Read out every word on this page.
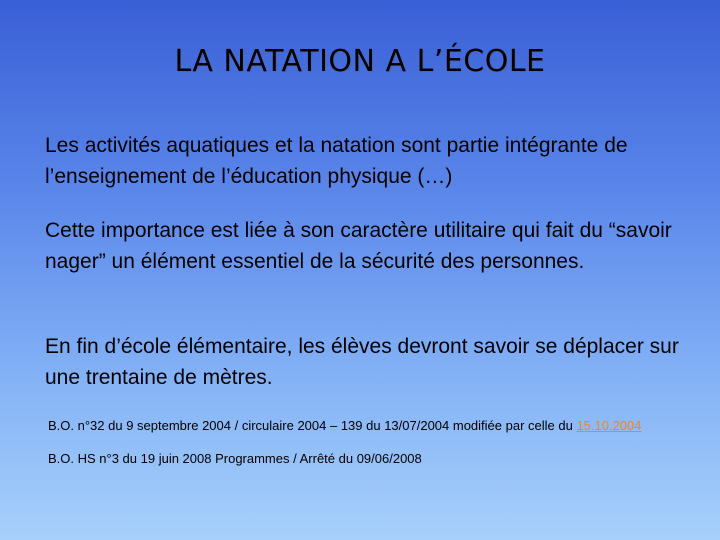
LA NATATION A L’ÉCOLE
Les activités aquatiques et la natation sont partie intégrante de l’enseignement de l’éducation physique (…)
Cette importance est liée à son caractère utilitaire qui fait du “savoir nager” un élément essentiel de la sécurité des personnes.
En fin d’école élémentaire, les élèves devront savoir se déplacer sur une trentaine de mètres.
B.O. n°32 du 9 septembre 2004 / circulaire 2004 – 139 du 13/07/2004 modifiée par celle du 15.10.2004
B.O. HS n°3 du 19 juin 2008 Programmes / Arrêté du 09/06/2008
